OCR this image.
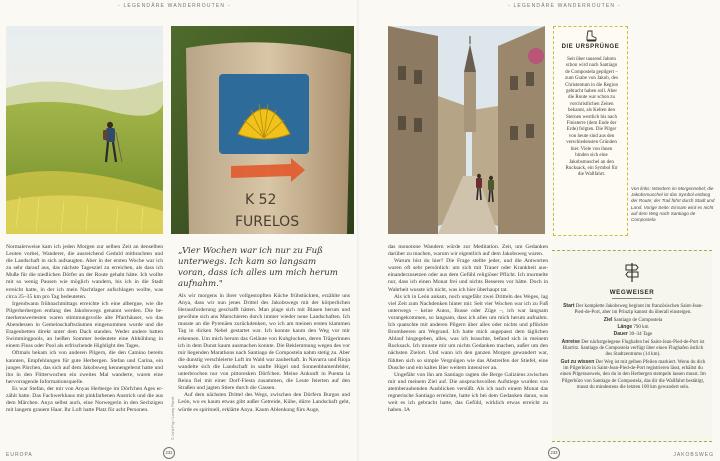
- LEGENDÄRE WANDERROUTEN -
K 52
FURELOS

Normalerweise kam ich jeden Morgen zur selben Zeit an denselben Leuten vorbei, Wanderer, die ausreichend Geduld mitbrachten und die Landschaft in sich aufsaugten. Aber in der ersten Woche war ich zu sehr darauf aus, das nächste Tagesziel zu erreichen, als dass ich Muße für die niedlichen Dörfer an der Route gehabt hätte. Ich wollte mit so wenig Pausen wie möglich wandern, bis ich in die Stadt erreicht hatte, in der ich mein Nachtlager aufschlagen wollte, was circa 25–35 km pro Tag bedeuteten.

Irgendwann frühnachmittags erreichte ich eine albergue, wie die Pilgerherbergen entlang des Jakobswegs genannt werden. Die bemerkenswertesten waren stimmungsvolle alte Pfarrhäuser, wo das Abendessen in Gemeinschaftsräumen eingenommen wurde und die Etagenbetten direkt unter dem Dach standen. Weder andere hatten Swimmingpools, an heißen Sommer bedeutete eine Abkühlung in einem Fluss oder Pool als erfrischende Highlight des Tages.

Oftmals bekam ich von anderen Pilgern, die den Camino bereits kannten, Empfehlungen für gute Herbergen. Stefan und Carina, ein junges Pärchen, das sich auf dem Jakobsweg kennengelernt hatte und ihn in den Flitterwochen ein zweites Mal wanderte, waren eine hervorragende Informationsquelle.

Es war Stefan, der mir von Anyas Herberge im Dörfchen Ages erzählt hatte. Das Fachwerkhaus mit pinkfarbenen Anstrich und die aus dem Märchen. Anya selbst auch, eine Norwegerin in den Sechzigen mit langem grauem Haar. Ihr Loft hatte Platz für acht Personen.

„Vier Wochen war ich nur zu Fuß unterwegs. Ich kam so langsam voran, dass ich alles um mich herum aufnahm."

Als wir morgens in ihrer vollgestopften Küche frühstückten, erzählte uns Anya, dass wir nun jenes Drittel des Jakobswegs mit der körperlichen Herausforderung geschafft hätten. Man plage sich mit Blasen herum und gewöhne sich ans Marschieren durch immer wieder neue Landschaften. Ich musste an die Pyrenäen zurückdenken, wo ich am meinen ersten klammen Tag in dicken Nebel gestartet war. Ich konnte kaum den Weg vor mir erkennen. Um mich herum das Geläute von Kuhglocken, deren Trägerinnen ich in dem Dunst kaum ausmachen konnte. Die Beklemmung wegen des vor mir liegenden Marathons nach Santiago de Compostela nahm stetig zu. Aber die dunstig verschleierte Luft im Wald war zauberhaft. In Navarra und Rioja wandelte sich die Landschaft in sanfte Hügel und Sonnenblumenfelder, unterbrochen nur von pittoresken Dörfchen. Meine Ankunft in Puenta la Reina fiel mit einer Dorf-Fiesta zusammen, die Leute feierten auf den Straßen und jagten Stiere durch die Gassen.

Auf dem nächsten Drittel des Wegs, zwischen den Dörfern Burgos und León, wo es kaum etwas gibt außer Getreide, Kühe, dürre Landschaft geht, würde es spirituell, erklärte Anya. Kaum Ablenkung fürs Auge,

© Jordi Puy / Lonely Planet
EUROPA	232
- LEGENDÄRE WANDERROUTEN -

das monotone Wandern würde zur Meditation. Zeit, um Gedanken darüber zu machen, warum wir eigentlich auf dem Jakobsweg waren.

Warum bist du hier? Die Frage stellte jeder, und die Antworten waren oft sehr persönlich: um sich mit Trauer oder Krankheit auseinanderzusetzen oder aus dem Gefühl religiöser Pflicht. Ich murmelte nur, dass ich einen Monat frei und nichts Besseres vor hätte. Doch in Wahrheit wusste ich nicht, was ich hier überhaupt tat.

Als ich in León ankam, noch ungefähr zwei Dritteln des Weges, lag viel Zeit zum Nachdenken hinter mir. Seit vier Wochen war ich zu Fuß unterwegs – keine Autos, Busse oder Züge –, ich war langsam vorangekommen, so langsam, dass ich alles um mich herum aufnahm. Ich quatschte mit anderen Pilgern über alles oder nichts und pflückte Brombeeren am Wegrand. Ich hatte mich angepasst dem täglichen Ablauf hingegeben, alles, was ich brauchte, befand sich in meinem Rucksack. Ich musste mir um nichts Gedanken machen, außer um den nächsten Zielort. Und wann ich den ganzen Morgen gewandert war, fühlten sich so simple Vergnügen wie das Abstreifen der Stiefel, eine Dusche und ein kaltes Bier weitem intensiver an.

Ungefähr von ihn am Santiago ragten die Berge Galiziens zwischen mir und meinem Ziel auf. Die anspruchsvollen Aufstiege wurden von atemberaubenden Ausblicken versüßt. Als ich nach einem Monat das regnerische Santiago erreichte, hatte ich bei dem Gedanken daran, was weit es ich gebracht hatte, das Gefühl, wirklich etwas erreicht zu haben. IA

Von links: Wandern im Morgennebel; die Jakobsmuschel ist das Symbol entlang der Route; der Trail führt durch Stadt und Land. Vorige Seite: Einsam wird es nicht auf dem Weg nach Santiago de Compostela
JAKOBSWEG
233
DIE URSPRÜNGE
Seit über tausend Jahren schon wird nach Santiago de Compostela gepilgert – zum Grabe von Jakob, des Christentum in die Region gebracht haben soll. Aber die Route war schon zu vorchristlichen Zeiten bekannt, als Kelten den Sternen westlich bis nach Finisterre (dem Ende der Erde) folgten. Die Pilger von heute sind aus den verschiedensten Gründen hier. Viele von ihnen binden sich eine Jakobsmuschel an den Rucksack, ein Symbol für die Wallfahrt.
WEGWEISER
Start Der komplette Jakobsweg beginnt im französischen Saint-Jean-Pied-de-Port, aber im Prinzip kannst du überall einsteigen.
Ziel Santiago de Compostela
Länge 790 km
Dauer 30–34 Tage
Anreise Der nächstgelegene Flughafen bei Saint-Jean-Pied-de-Port ist Biarritz. Santiago de Compostela verfügt über einen Flughafen östlich des Stadtzentrums (14 km).
Gut zu wissen Der Weg ist mit gelben Pfeilen markiert. Wenn du dich im Pilgerbüro in Saint-Jean-Pied-de-Port registrieren lässt, erhältst du einen Pilgerausweis, den du in den Herbergen stempeln lassen musst. Im Pilgerbüro von Santiago de Compostela, das dir die Wallfahrt bestätigt, musst du mindestens die letzten 100 km gewandert sein.
